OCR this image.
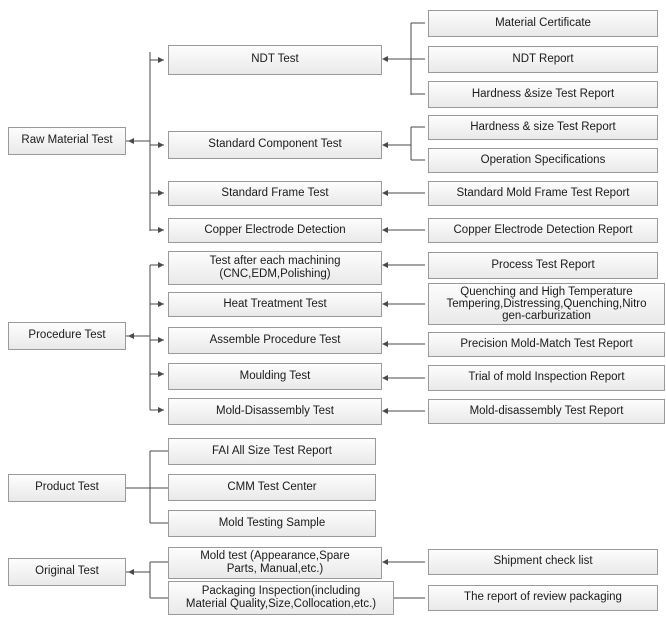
Raw Material Test
Procedure Test
Product Test
Original Test
NDT Test
Standard Component Test
Standard Frame Test
Copper Electrode Detection
Test after each machining
(CNC,EDM,Polishing)
Heat Treatment Test
Assemble Procedure Test
Moulding Test
Mold-Disassembly Test
FAI All Size Test Report
CMM Test Center
Mold Testing Sample
Mold test (Appearance,Spare
Parts, Manual,etc.)
Packaging Inspection(including
Material Quality,Size,Collocation,etc.)
Material Certificate
NDT Report
Hardness &size Test Report
Hardness & size Test Report
Operation Specifications
Standard Mold Frame Test Report
Copper Electrode Detection Report
Process Test Report
Quenching and High Temperature
Tempering,Distressing,Quenching,Nitro
gen-carburization
Precision Mold-Match Test Report
Trial of mold Inspection Report
Mold-disassembly Test Report
Shipment check list
The report of review packaging
